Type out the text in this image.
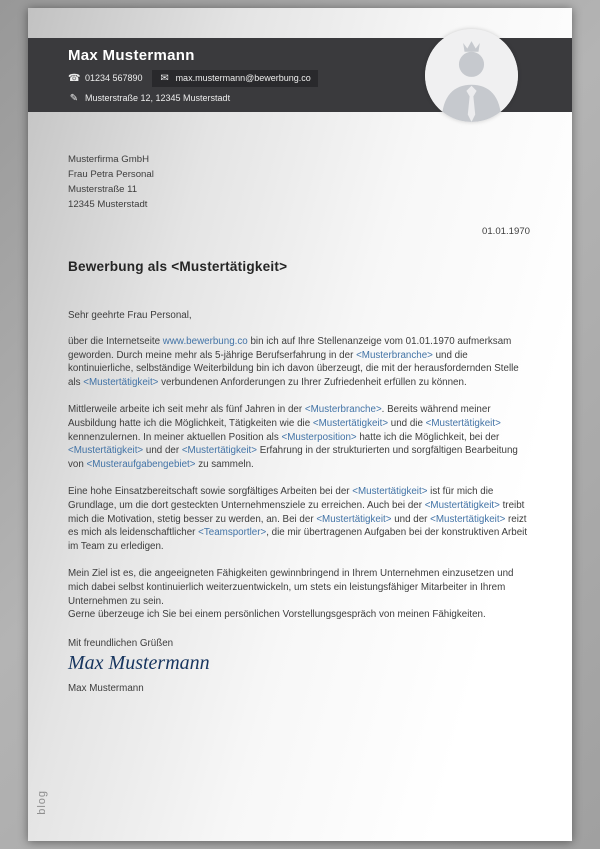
Max Mustermann
☎ 01234 567890 ✉ max.mustermann@bewerbung.co
✎ Musterstraße 12, 12345 Musterstadt
Musterfirma GmbH
Frau Petra Personal
Musterstraße 11
12345 Musterstadt
01.01.1970
Bewerbung als <Mustertätigkeit>
Sehr geehrte Frau Personal,

über die Internetseite www.bewerbung.co bin ich auf Ihre Stellenanzeige vom 01.01.1970 aufmerksam geworden. Durch meine mehr als 5-jährige Berufserfahrung in der <Musterbranche> und die kontinuierliche, selbständige Weiterbildung bin ich davon überzeugt, die mit der herausfordernden Stelle als <Mustertätigkeit> verbundenen Anforderungen zu Ihrer Zufriedenheit erfüllen zu können.

Mittlerweile arbeite ich seit mehr als fünf Jahren in der <Musterbranche>. Bereits während meiner Ausbildung hatte ich die Möglichkeit, Tätigkeiten wie die <Mustertätigkeit> und die <Mustertätigkeit> kennenzulernen. In meiner aktuellen Position als <Musterposition> hatte ich die Möglichkeit, bei der <Mustertätigkeit> und der <Mustertätigkeit> Erfahrung in der strukturierten und sorgfältigen Bearbeitung von <Musteraufgabengebiet> zu sammeln.

Eine hohe Einsatzbereitschaft sowie sorgfältiges Arbeiten bei der <Mustertätigkeit> ist für mich die Grundlage, um die dort gesteckten Unternehmensziele zu erreichen. Auch bei der <Mustertätigkeit> treibt mich die Motivation, stetig besser zu werden, an. Bei der <Mustertätigkeit> und der <Mustertätigkeit> reizt es mich als leidenschaftlicher <Teamsportler>, die mir übertragenen Aufgaben bei der konstruktiven Arbeit im Team zu erledigen.

Mein Ziel ist es, die angeeigneten Fähigkeiten gewinnbringend in Ihrem Unternehmen einzusetzen und mich dabei selbst kontinuierlich weiterzuentwickeln, um stets ein leistungsfähiger Mitarbeiter in Ihrem Unternehmen zu sein.
Gerne überzeuge ich Sie bei einem persönlichen Vorstellungsgespräch von meinen Fähigkeiten.

Mit freundlichen Grüßen
Max Mustermann
Max Mustermann
blog
